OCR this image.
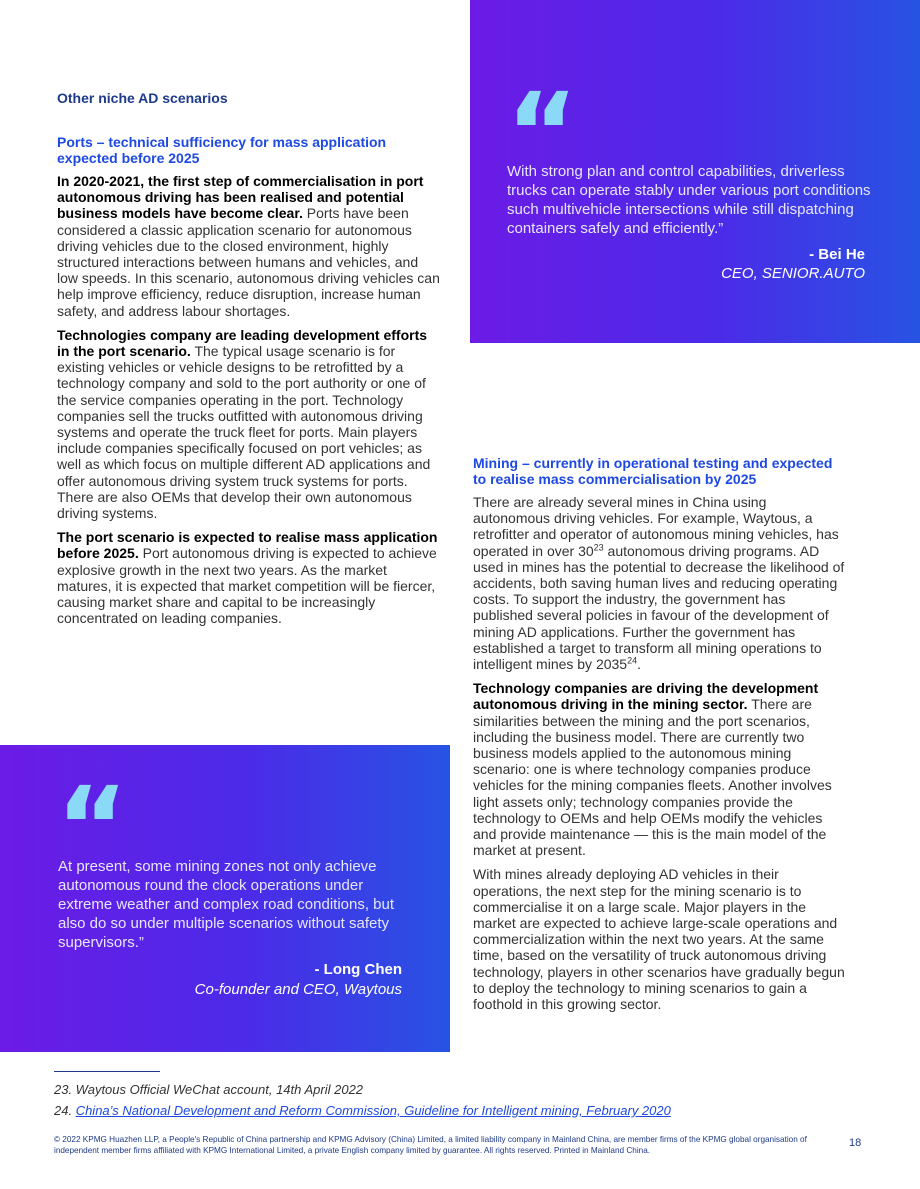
Other niche AD scenarios
Ports – technical sufficiency for mass application expected before 2025

In 2020-2021, the first step of commercialisation in port autonomous driving has been realised and potential business models have become clear. Ports have been considered a classic application scenario for autonomous driving vehicles due to the closed environment, highly structured interactions between humans and vehicles, and low speeds. In this scenario, autonomous driving vehicles can help improve efficiency, reduce disruption, increase human safety, and address labour shortages.

Technologies company are leading development efforts in the port scenario. The typical usage scenario is for existing vehicles or vehicle designs to be retrofitted by a technology company and sold to the port authority or one of the service companies operating in the port. Technology companies sell the trucks outfitted with autonomous driving systems and operate the truck fleet for ports. Main players include companies specifically focused on port vehicles; as well as which focus on multiple different AD applications and offer autonomous driving system truck systems for ports. There are also OEMs that develop their own autonomous driving systems.

The port scenario is expected to realise mass application before 2025. Port autonomous driving is expected to achieve explosive growth in the next two years. As the market matures, it is expected that market competition will be fiercer, causing market share and capital to be increasingly concentrated on leading companies.

“
With strong plan and control capabilities, driverless trucks can operate stably under various port conditions such multivehicle intersections while still dispatching containers safely and efficiently.”
- Bei He
CEO, SENIOR.AUTO
Mining – currently in operational testing and expected to realise mass commercialisation by 2025

There are already several mines in China using autonomous driving vehicles. For example, Waytous, a retrofitter and operator of autonomous mining vehicles, has operated in over $30^{23}$ autonomous driving programs. AD used in mines has the potential to decrease the likelihood of accidents, both saving human lives and reducing operating costs. To support the industry, the government has published several policies in favour of the development of mining AD applications. Further the government has established a target to transform all mining operations to intelligent mines by 2035$^{24}$.

Technology companies are driving the development autonomous driving in the mining sector. There are similarities between the mining and the port scenarios, including the business model. There are currently two business models applied to the autonomous mining scenario: one is where technology companies produce vehicles for the mining companies fleets. Another involves light assets only; technology companies provide the technology to OEMs and help OEMs modify the vehicles and provide maintenance — this is the main model of the market at present.

With mines already deploying AD vehicles in their operations, the next step for the mining scenario is to commercialise it on a large scale. Major players in the market are expected to achieve large-scale operations and commercialization within the next two years. At the same time, based on the versatility of truck autonomous driving technology, players in other scenarios have gradually begun to deploy the technology to mining scenarios to gain a foothold in this growing sector.

“
At present, some mining zones not only achieve autonomous round the clock operations under extreme weather and complex road conditions, but also do so under multiple scenarios without safety supervisors.”
- Long Chen
Co-founder and CEO, Waytous
23. Waytous Official WeChat account, 14th April 2022
24. China’s National Development and Reform Commission, Guideline for Intelligent mining, February 2020
© 2022 KPMG Huazhen LLP, a People's Republic of China partnership and KPMG Advisory (China) Limited, a limited liability company in Mainland China, are member firms of the KPMG global organisation of independent member firms affiliated with KPMG International Limited, a private English company limited by guarantee. All rights reserved. Printed in Mainland China.
18
